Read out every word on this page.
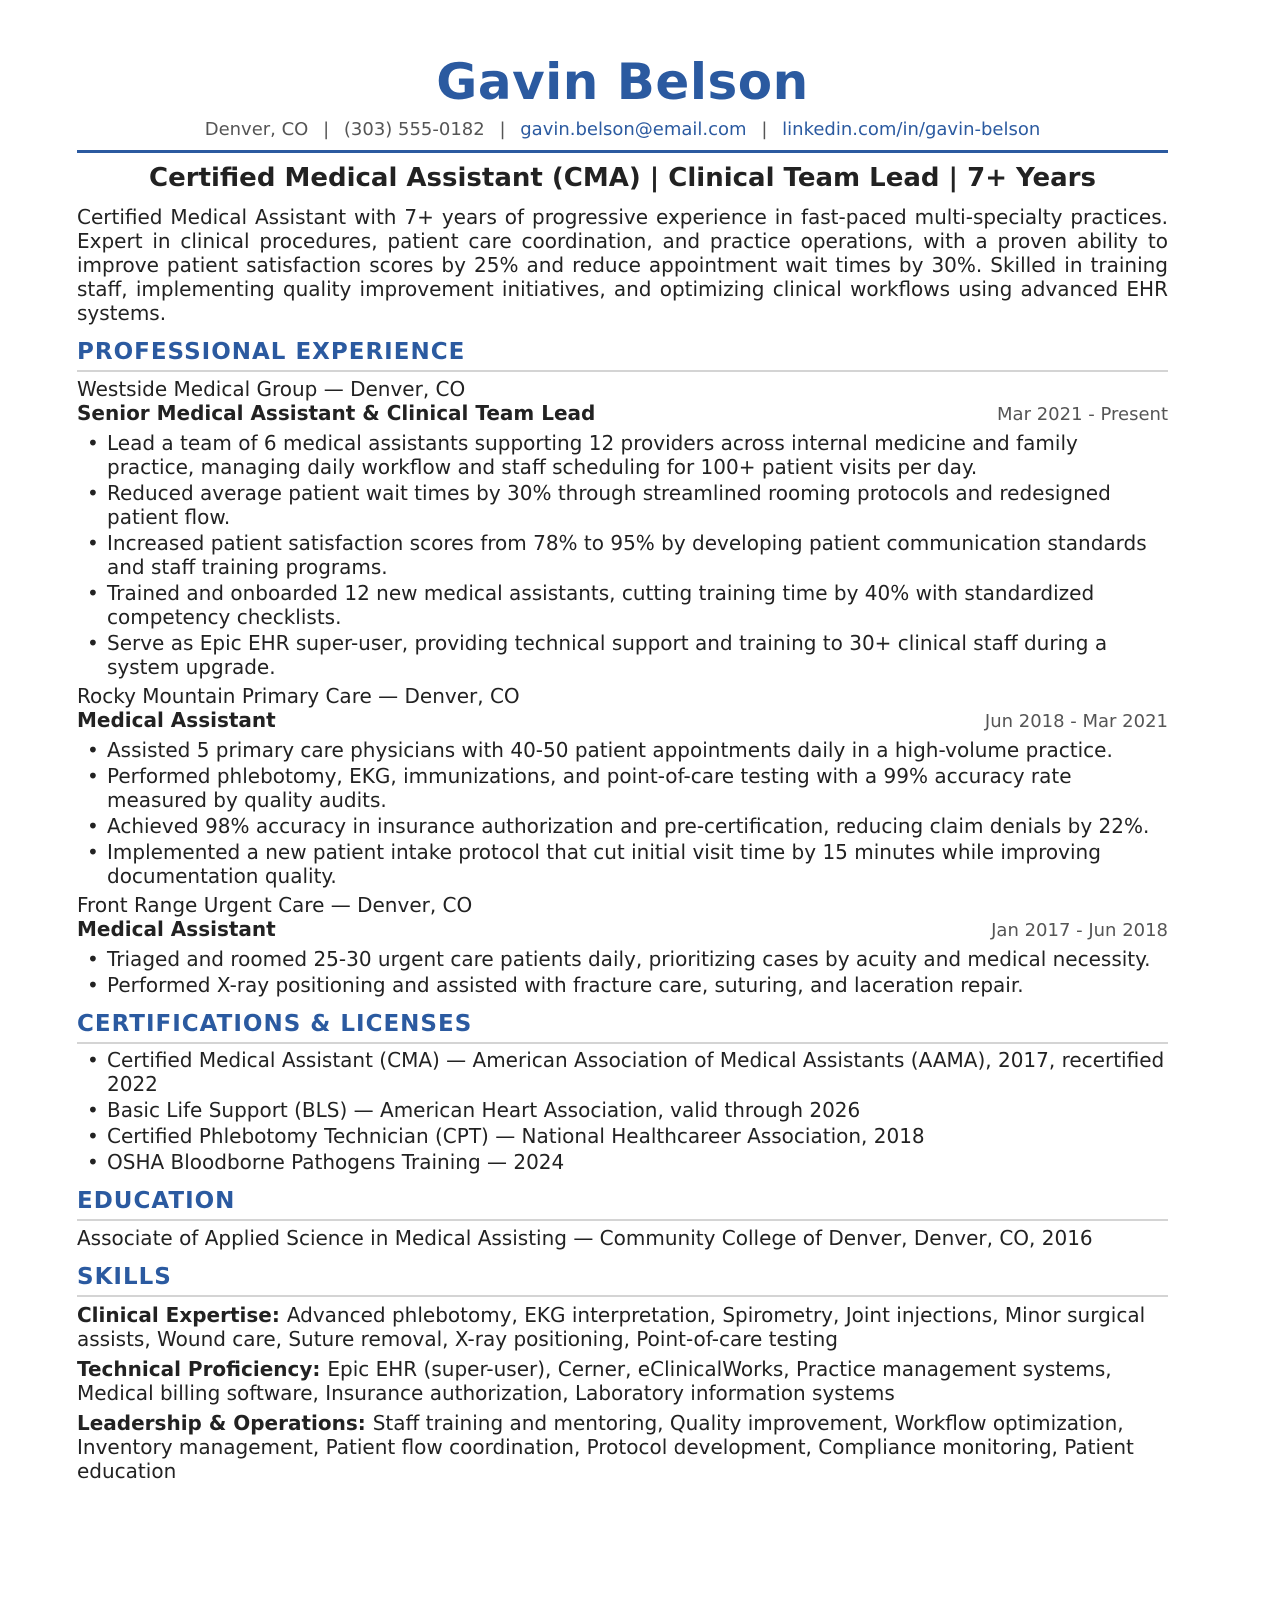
Gavin Belson
Denver, CO | (303) 555-0182 | gavin.belson@email.com | linkedin.com/in/gavin-belson
Certified Medical Assistant (CMA) | Clinical Team Lead | 7+ Years
Certified Medical Assistant with 7+ years of progressive experience in fast-paced multi-specialty practices. Expert in clinical procedures, patient care coordination, and practice operations, with a proven ability to improve patient satisfaction scores by 25% and reduce appointment wait times by 30%. Skilled in training staff, implementing quality improvement initiatives, and optimizing clinical workflows using advanced EHR systems.
PROFESSIONAL EXPERIENCE
Westside Medical Group — Denver, CO
Senior Medical Assistant & Clinical Team Lead	Mar 2021 - Present
• Lead a team of 6 medical assistants supporting 12 providers across internal medicine and family practice, managing daily workflow and staff scheduling for 100+ patient visits per day.
• Reduced average patient wait times by 30% through streamlined rooming protocols and redesigned patient flow.
• Increased patient satisfaction scores from 78% to 95% by developing patient communication standards and staff training programs.
• Trained and onboarded 12 new medical assistants, cutting training time by 40% with standardized competency checklists.
• Serve as Epic EHR super-user, providing technical support and training to 30+ clinical staff during a system upgrade.
Rocky Mountain Primary Care — Denver, CO
Medical Assistant	Jun 2018 - Mar 2021
• Assisted 5 primary care physicians with 40-50 patient appointments daily in a high-volume practice.
• Performed phlebotomy, EKG, immunizations, and point-of-care testing with a 99% accuracy rate measured by quality audits.
• Achieved 98% accuracy in insurance authorization and pre-certification, reducing claim denials by 22%.
• Implemented a new patient intake protocol that cut initial visit time by 15 minutes while improving documentation quality.
Front Range Urgent Care — Denver, CO
Medical Assistant	Jan 2017 - Jun 2018
• Triaged and roomed 25-30 urgent care patients daily, prioritizing cases by acuity and medical necessity.
• Performed X-ray positioning and assisted with fracture care, suturing, and laceration repair.
CERTIFICATIONS & LICENSES
• Certified Medical Assistant (CMA) — American Association of Medical Assistants (AAMA), 2017, recertified 2022
• Basic Life Support (BLS) — American Heart Association, valid through 2026
• Certified Phlebotomy Technician (CPT) — National Healthcareer Association, 2018
• OSHA Bloodborne Pathogens Training — 2024
EDUCATION
Associate of Applied Science in Medical Assisting — Community College of Denver, Denver, CO, 2016
SKILLS
Clinical Expertise: Advanced phlebotomy, EKG interpretation, Spirometry, Joint injections, Minor surgical assists, Wound care, Suture removal, X-ray positioning, Point-of-care testing
Technical Proficiency: Epic EHR (super-user), Cerner, eClinicalWorks, Practice management systems, Medical billing software, Insurance authorization, Laboratory information systems
Leadership & Operations: Staff training and mentoring, Quality improvement, Workflow optimization, Inventory management, Patient flow coordination, Protocol development, Compliance monitoring, Patient education
